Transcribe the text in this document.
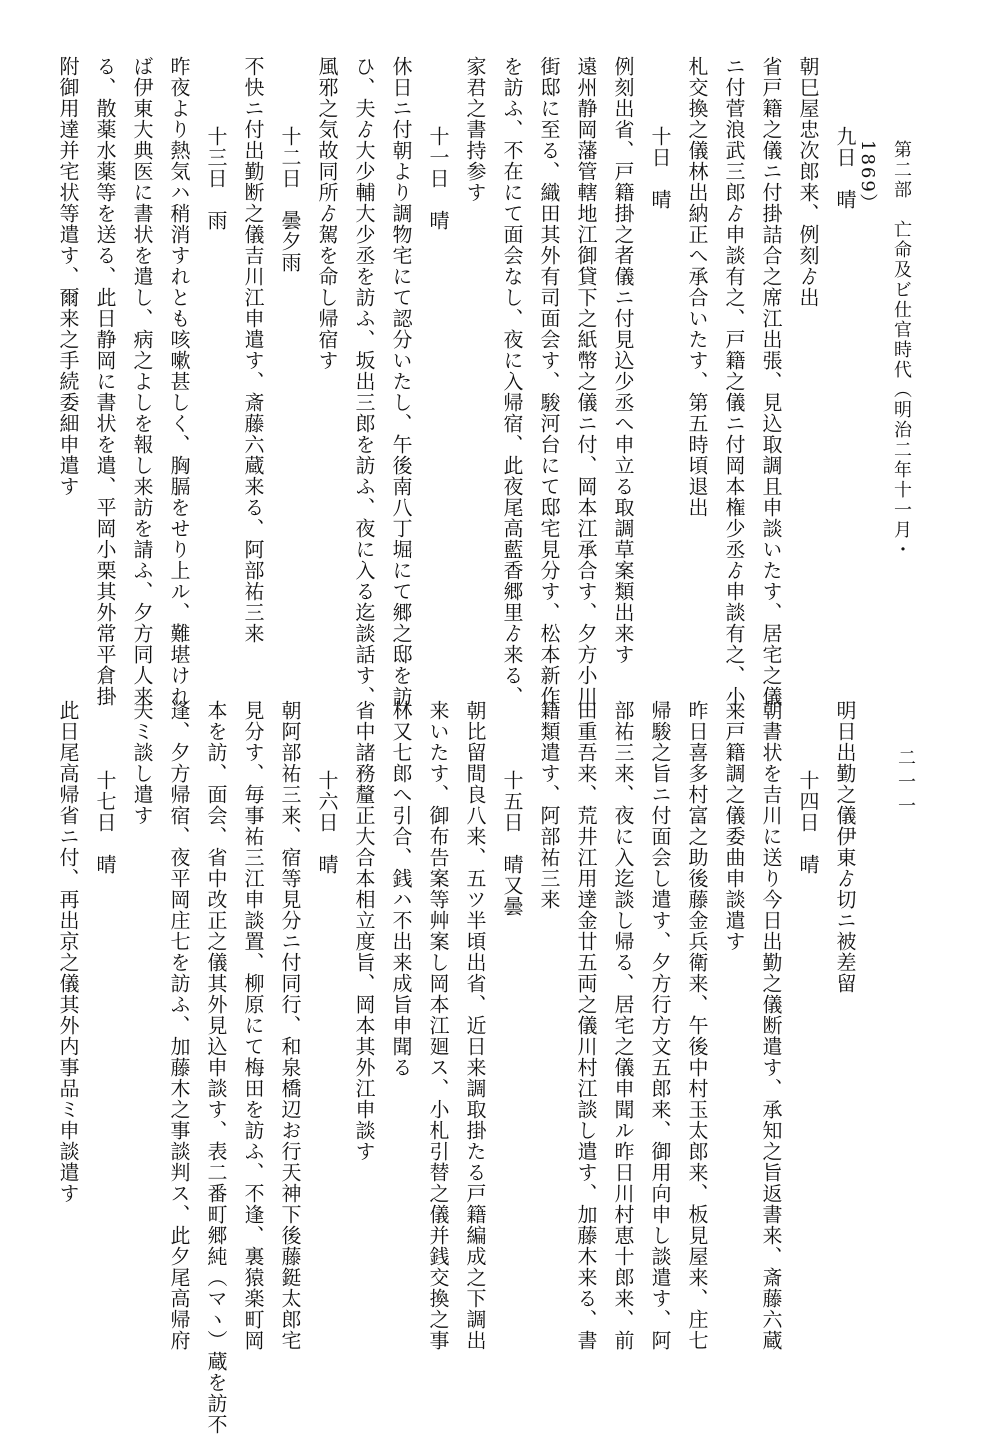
第二部　亡命及ビ仕官時代（明治二年十一月・1869）
二一一
九日　晴
朝巳屋忠次郎来、例刻ゟ出
省戸籍之儀ニ付掛詰合之席江出張、見込取調且申談いたす、居宅之儀
ニ付菅浪武三郎ゟ申談有之、戸籍之儀ニ付岡本権少丞ゟ申談有之、小
札交換之儀林出納正へ承合いたす、第五時頃退出
十日　晴
例刻出省、戸籍掛之者儀ニ付見込少丞へ申立る取調草案類出来す
遠州静岡藩管轄地江御貸下之紙幣之儀ニ付、岡本江承合す、夕方小川
街邸に至る、織田其外有司面会す、駿河台にて邸宅見分す、松本新作
を訪ふ、不在にて面会なし、夜に入帰宿、此夜尾高藍香郷里ゟ来る、
家君之書持参す
十一日　晴
休日ニ付朝より調物宅にて認分いたし、午後南八丁堀にて郷之邸を訪
ひ、夫ゟ大少輔大少丞を訪ふ、坂出三郎を訪ふ、夜に入る迄談話す、
風邪之気故同所ゟ駕を命し帰宿す
十二日　曇夕雨
不快ニ付出勤断之儀吉川江申遣す、斎藤六蔵来る、阿部祐三来
十三日　雨
昨夜より熱気ハ稍消すれとも咳嗽甚しく、胸膈をせり上ル、難堪けれ
ば伊東大典医に書状を遣し、病之よしを報し来訪を請ふ、夕方同人来
る、散薬水薬等を送る、此日静岡に書状を遣、平岡小栗其外常平倉掛
附御用達并宅状等遣す、爾来之手続委細申遣す
明日出勤之儀伊東ゟ切ニ被差留
十四日　晴
朝書状を吉川に送り今日出勤之儀断遣す、承知之旨返書来、斎藤六蔵
来戸籍調之儀委曲申談遣す
昨日喜多村富之助後藤金兵衛来、午後中村玉太郎来、板見屋来、庄七
帰駿之旨ニ付面会し遣す、夕方行方文五郎来、御用向申し談遣す、阿
部祐三来、夜に入迄談し帰る、居宅之儀申聞ル昨日川村恵十郎来、前
田重吾来、荒井江用達金廿五両之儀川村江談し遣す、加藤木来る、書
籍類遣す、阿部祐三来
十五日　晴又曇
朝比留間良八来、五ツ半頃出省、近日来調取掛たる戸籍編成之下調出
来いたす、御布告案等艸案し岡本江廻ス、小札引替之儀并銭交換之事
林又七郎へ引合、銭ハ不出来成旨申聞る
省中諸務釐正大合本相立度旨、岡本其外江申談す
十六日　晴
朝阿部祐三来、宿等見分ニ付同行、和泉橋辺お行天神下後藤鋌太郎宅
見分す、毎事祐三江申談置、柳原にて梅田を訪ふ、不逢、裏猿楽町岡
本を訪、面会、省中改正之儀其外見込申談す、表二番町郷純（マヽ）蔵を訪不
逢、夕方帰宿、夜平岡庄七を訪ふ、加藤木之事談判ス、此夕尾高帰府
夫ミ談し遣す
十七日　晴
此日尾高帰省ニ付、再出京之儀其外内事品ミ申談遣す
